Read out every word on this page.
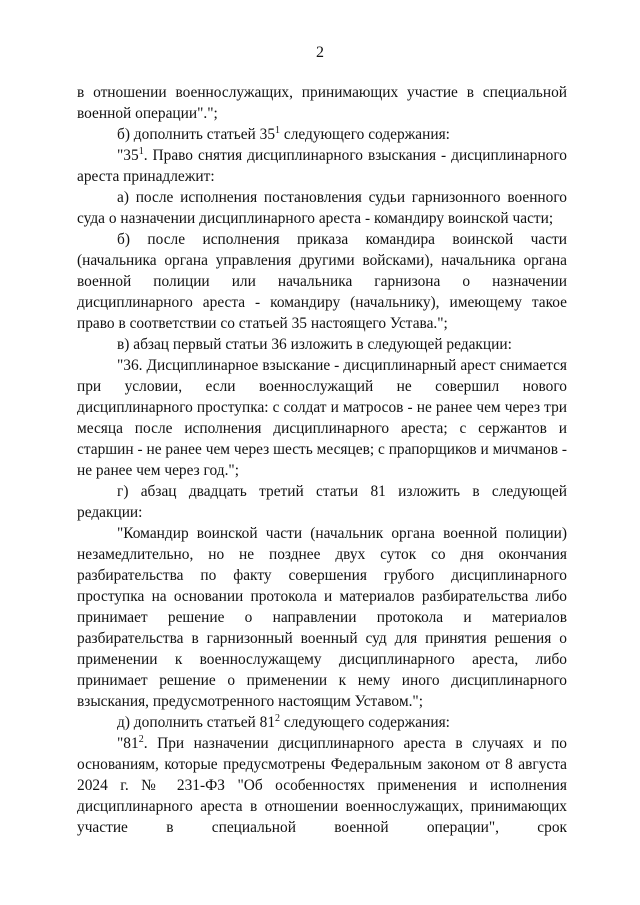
2

в отношении военнослужащих, принимающих участие в специальной военной операции".";

б) дополнить статьей $35^1$ следующего содержания:

"$35^1$. Право снятия дисциплинарного взыскания - дисциплинарного ареста принадлежит:

а) после исполнения постановления судьи гарнизонного военного суда о назначении дисциплинарного ареста - командиру воинской части;

б) после исполнения приказа командира воинской части (начальника органа управления другими войсками), начальника органа военной полиции или начальника гарнизона о назначении дисциплинарного ареста - командиру (начальнику), имеющему такое право в соответствии со статьей 35 настоящего Устава.";

в) абзац первый статьи 36 изложить в следующей редакции:

"36. Дисциплинарное взыскание - дисциплинарный арест снимается при условии, если военнослужащий не совершил нового дисциплинарного проступка: с солдат и матросов - не ранее чем через три месяца после исполнения дисциплинарного ареста; с сержантов и старшин - не ранее чем через шесть месяцев; с прапорщиков и мичманов - не ранее чем через год.";

г) абзац двадцать третий статьи 81 изложить в следующей редакции:

"Командир воинской части (начальник органа военной полиции) незамедлительно, но не позднее двух суток со дня окончания разбирательства по факту совершения грубого дисциплинарного проступка на основании протокола и материалов разбирательства либо принимает решение о направлении протокола и материалов разбирательства в гарнизонный военный суд для принятия решения о применении к военнослужащему дисциплинарного ареста, либо принимает решение о применении к нему иного дисциплинарного взыскания, предусмотренного настоящим Уставом.";

д) дополнить статьей $81^2$ следующего содержания:

"$81^2$. При назначении дисциплинарного ареста в случаях и по основаниям, которые предусмотрены Федеральным законом от 8 августа 2024 г. № 231-ФЗ "Об особенностях применения и исполнения дисциплинарного ареста в отношении военнослужащих, принимающих участие в специальной военной операции", срок
